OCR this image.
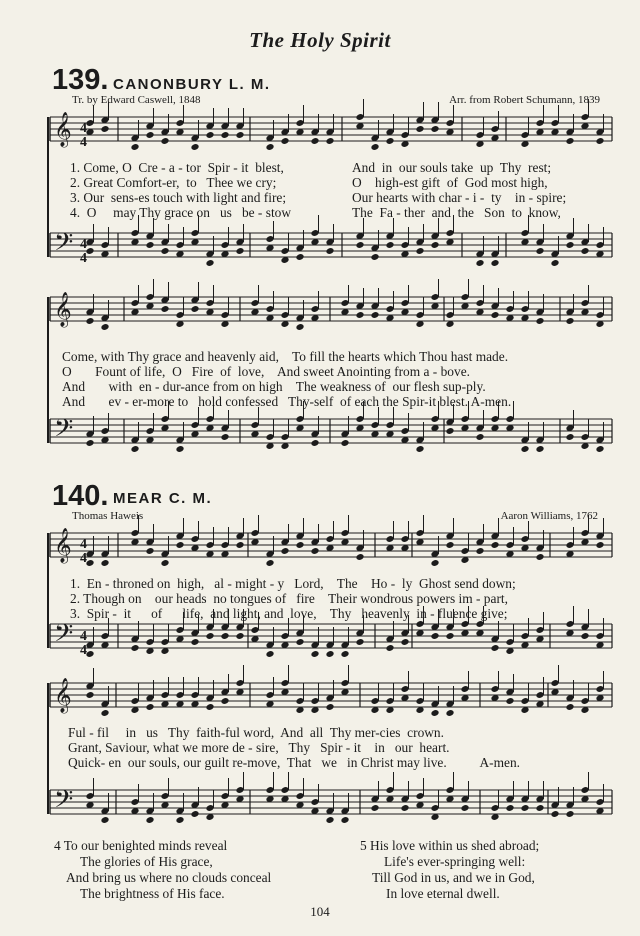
The Holy Spirit
139. CANONBURY L. M.
Tr. by Edward Caswell, 1848	Arr. from Robert Schumann, 1839
1. Come, O  Cre - a - tor  Spir - it  blest,	And  in  our souls take  up  Thy  rest;
2. Great Comfort-er,  to   Thee we cry;	O    high-est gift  of  God most high,
3. Our  sens-es touch with light and fire;	Our hearts with char - i -  ty    in - spire;
4.  O     may Thy grace on   us   be - stow	The  Fa - ther  and  the   Son  to  know,
Come, with Thy grace and heavenly aid,    To fill the hearts which Thou hast made.
O       Fount of life,  O   Fire  of  love,    And sweet Anointing from a - bove.
And       with  en - dur-ance from on high    The weakness of  our flesh sup-ply.
And       ev - er-more to   hold confessed   Thy-self  of each the Spir-it blest. A-men.
140. MEAR C. M.
Thomas Haweis	Aaron Williams, 1762
1.  En - throned on  high,   al - might - y   Lord,    The    Ho -  ly  Ghost send down;
2. Though on    our heads  no tongues of   fire    Their wondrous powers im - part,
3.  Spir -  it      of      life,  and light, and  love,    Thy   heavenly  in - fluence give;
Ful - fil     in   us   Thy  faith-ful word,  And  all  Thy mer-cies  crown.
Grant, Saviour, what we more de - sire,   Thy   Spir - it    in   our  heart.
Quick- en  our souls, our guilt re-move,  That   we   in Christ may live.          A-men.
4 To our benighted minds reveal
The glories of His grace,
And bring us where no clouds conceal
The brightness of His face.
5 His love within us shed abroad;
Life's ever-springing well:
Till God in us, and we in God,
In love eternal dwell.
104
𝄞
𝄢
𝄞
𝄢
𝄞
𝄢
𝄞
𝄢
4
4
4
4
4
4
4
4
